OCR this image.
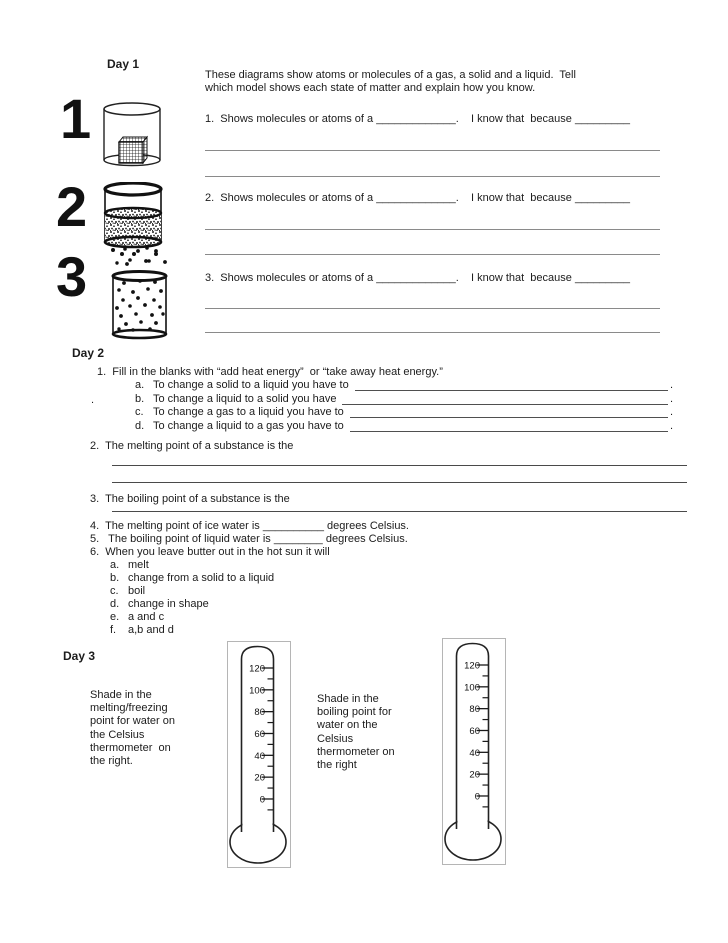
Day 1
These diagrams show atoms or molecules of a gas, a solid and a liquid.  Tell
which model shows each state of matter and explain how you know.
1
2
3
1.  Shows molecules or atoms of a _____________.    I know that  because _________
2.  Shows molecules or atoms of a _____________.    I know that  because _________
3.  Shows molecules or atoms of a _____________.    I know that  because _________
Day 2
1.  Fill in the blanks with “add heat energy”  or “take away heat energy.”
a. To change a solid to a liquid you have to	.
b. To change a liquid to a solid you have	.
c. To change a gas to a liquid you have to	.
d. To change a liquid to a gas you have to	.
.
2.  The melting point of a substance is the
3.  The boiling point of a substance is the
4.  The melting point of ice water is __________ degrees Celsius.
5.   The boiling point of liquid water is ________ degrees Celsius.
6.  When you leave butter out in the hot sun it will
a. melt
b. change from a solid to a liquid
c. boil
d. change in shape
e. a and c
f.	a,b and d
Day 3
Shade in the
melting/freezing
point for water on
the Celsius
thermometer  on
the right.
Shade in the
boiling point for
water on the
Celsius
thermometer on
the right
120
100
80
60
40
20
0
120
100
80
60
40
20
0
